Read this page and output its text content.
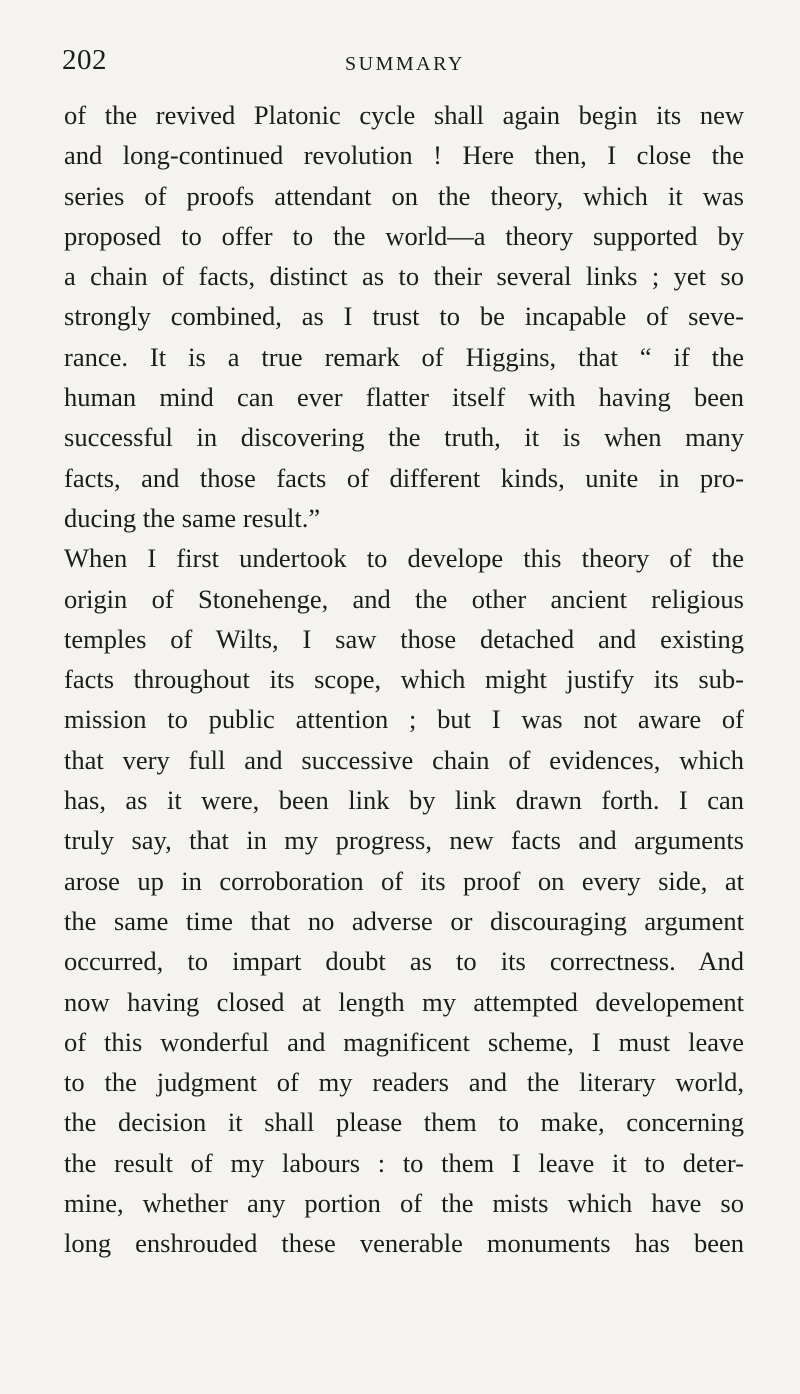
202	SUMMARY
of the revived Platonic cycle shall again begin its new
and long-continued revolution ! Here then, I close the
series of proofs attendant on the theory, which it was
proposed to offer to the world—a theory supported by
a chain of facts, distinct as to their several links ; yet so
strongly combined, as I trust to be incapable of seve-
rance. It is a true remark of Higgins, that “ if the
human mind can ever flatter itself with having been
successful in discovering the truth, it is when many
facts, and those facts of different kinds, unite in pro-
ducing the same result.”
When I first undertook to develope this theory of the
origin of Stonehenge, and the other ancient religious
temples of Wilts, I saw those detached and existing
facts throughout its scope, which might justify its sub-
mission to public attention ; but I was not aware of
that very full and successive chain of evidences, which
has, as it were, been link by link drawn forth. I can
truly say, that in my progress, new facts and arguments
arose up in corroboration of its proof on every side, at
the same time that no adverse or discouraging argument
occurred, to impart doubt as to its correctness. And
now having closed at length my attempted developement
of this wonderful and magnificent scheme, I must leave
to the judgment of my readers and the literary world,
the decision it shall please them to make, concerning
the result of my labours : to them I leave it to deter-
mine, whether any portion of the mists which have so
long enshrouded these venerable monuments has been
